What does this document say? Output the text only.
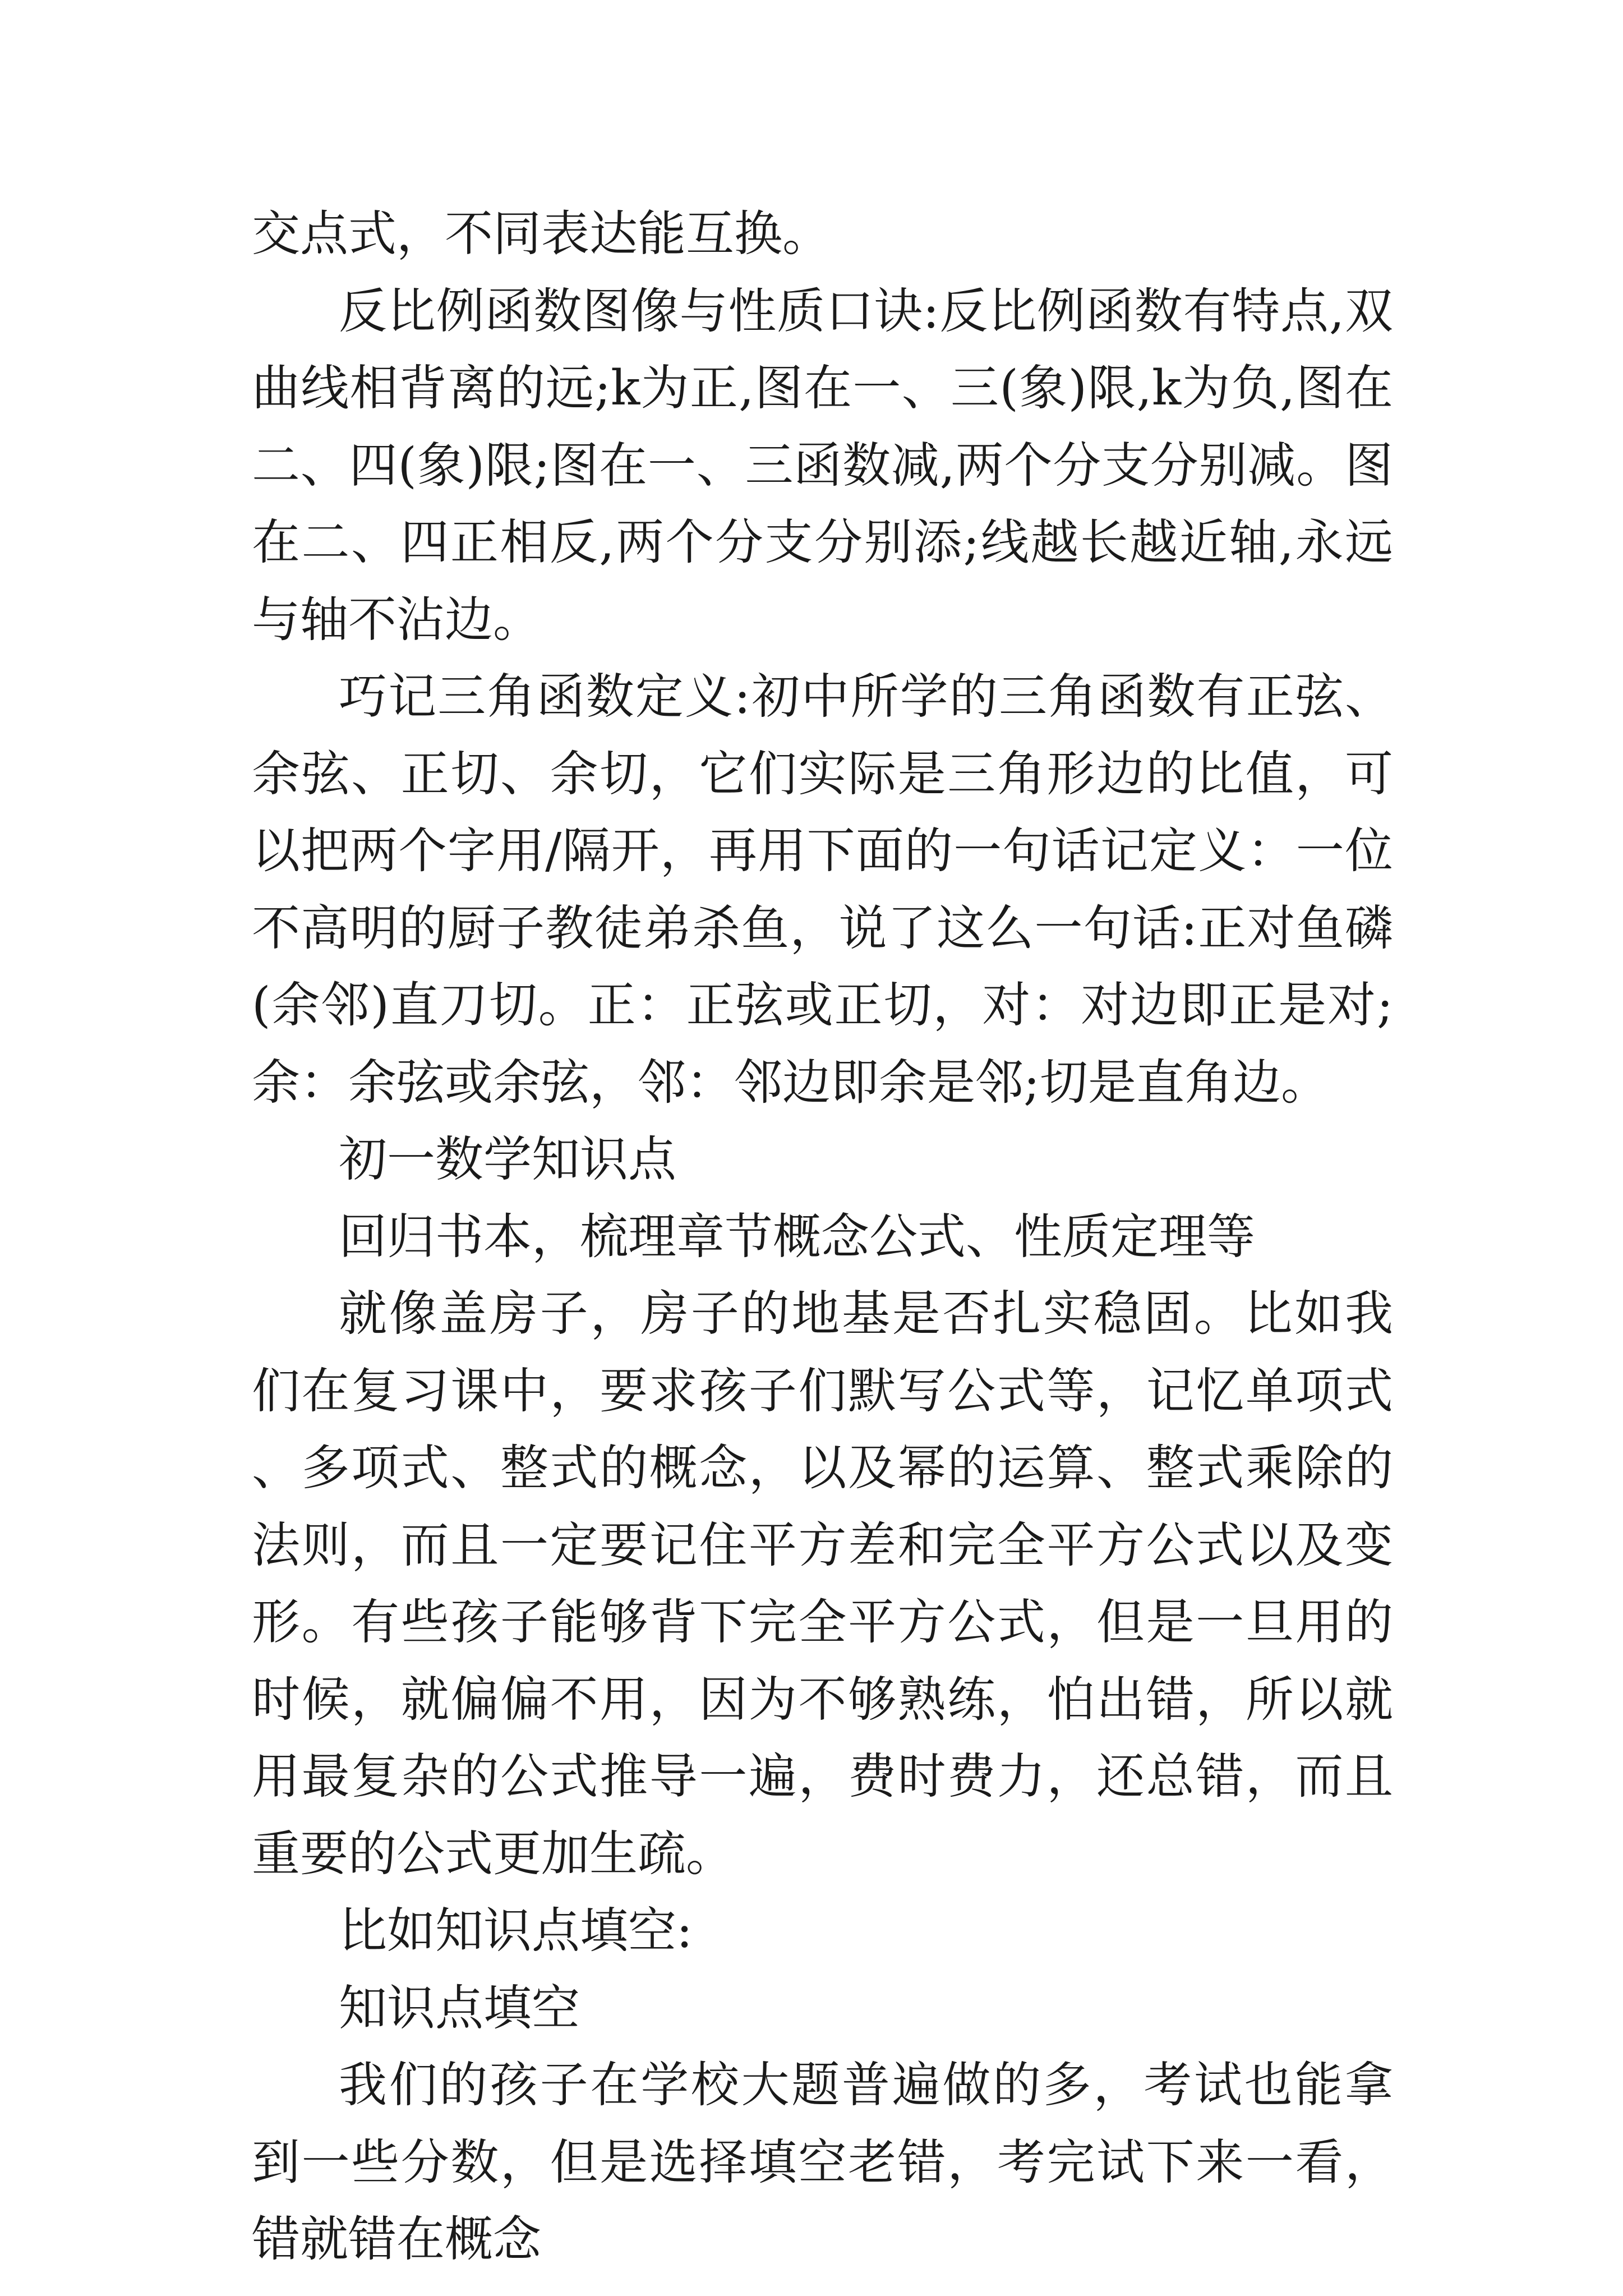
交点式，不同表达能互换。

反比例函数图像与性质口诀:反比例函数有特点,双曲线相背离的远;k为正,图在一、三(象)限,k为负,图在二、四(象)限;图在一、三函数减,两个分支分别减。图在二、四正相反,两个分支分别添;线越长越近轴,永远与轴不沾边。

巧记三角函数定义:初中所学的三角函数有正弦、余弦、正切、余切，它们实际是三角形边的比值，可以把两个字用/隔开，再用下面的一句话记定义：一位不高明的厨子教徒弟杀鱼，说了这么一句话:正对鱼磷(余邻)直刀切。正：正弦或正切，对：对边即正是对;余：余弦或余弦，邻：邻边即余是邻;切是直角边。

初一数学知识点

回归书本，梳理章节概念公式、性质定理等

就像盖房子，房子的地基是否扎实稳固。比如我们在复习课中，要求孩子们默写公式等，记忆单项式、多项式、整式的概念，以及幂的运算、整式乘除的法则，而且一定要记住平方差和完全平方公式以及变形。有些孩子能够背下完全平方公式，但是一旦用的时候，就偏偏不用，因为不够熟练，怕出错，所以就用最复杂的公式推导一遍，费时费力，还总错，而且重要的公式更加生疏。

比如知识点填空:

知识点填空

我们的孩子在学校大题普遍做的多，考试也能拿到一些分数，但是选择填空老错，考完试下来一看，错就错在概念
